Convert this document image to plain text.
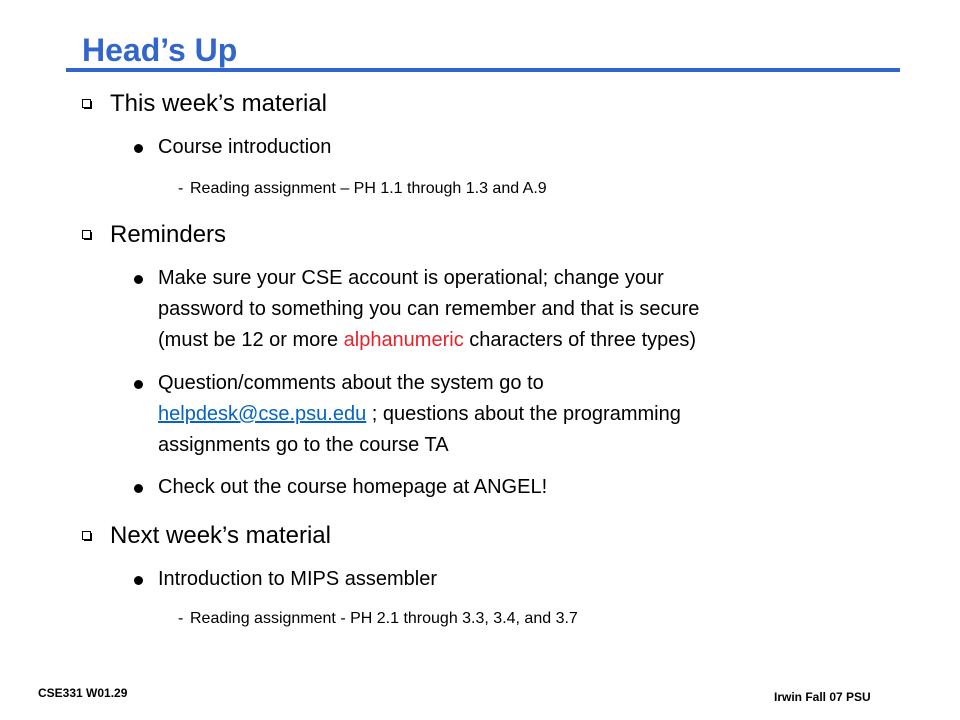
Head’s Up
This week’s material
Course introduction
- Reading assignment – PH 1.1 through 1.3 and A.9
Reminders
Make sure your CSE account is operational; change your
password to something you can remember and that is secure
(must be 12 or more alphanumeric characters of three types)
Question/comments about the system go to
helpdesk@cse.psu.edu ; questions about the programming
assignments go to the course TA
Check out the course homepage at ANGEL!
Next week’s material
Introduction to MIPS assembler
- Reading assignment - PH 2.1 through 3.3, 3.4, and 3.7
CSE331 W01.29	Irwin Fall 07 PSU
